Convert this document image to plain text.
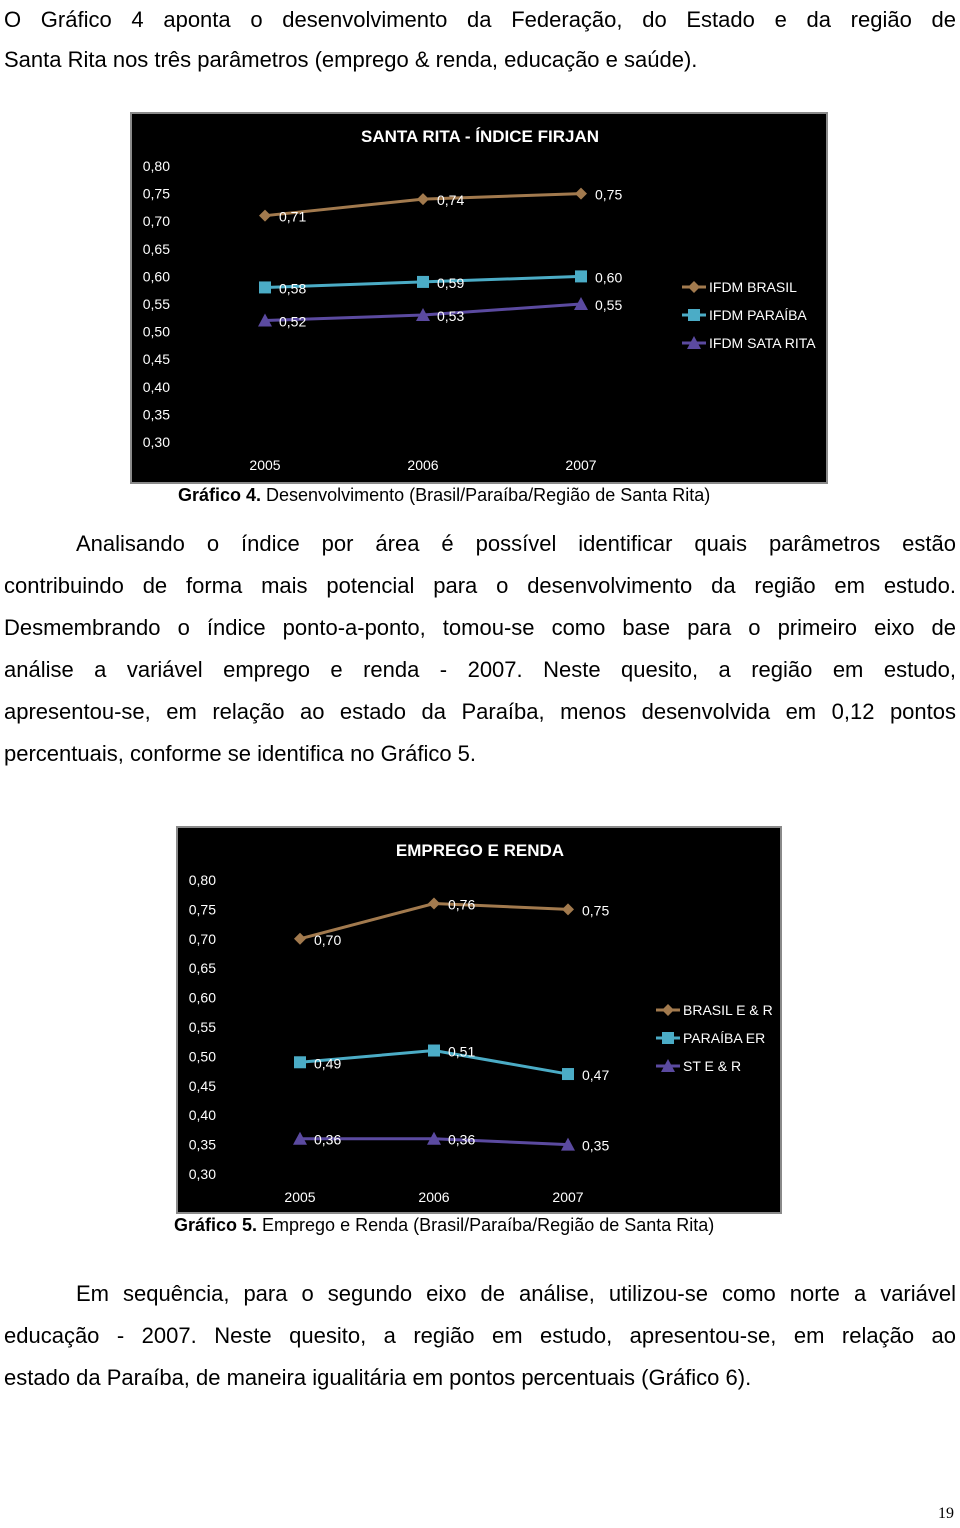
O Gráfico 4 aponta o desenvolvimento da Federação, do Estado e da região de
Santa Rita nos três parâmetros (emprego & renda, educação e saúde).
SANTA RITA - ÍNDICE FIRJAN
0,80
0,75
0,70
0,65
0,60
0,55
0,50
0,45
0,40
0,35
0,30
2005	2006	2007
0,71
0,74	0,75
IFDM BRASIL
0,58	0,59	0,60
IFDM PARAÍBA
0,52	0,53
0,55
IFDM SATA RITA
Gráfico 4. Desenvolvimento (Brasil/Paraíba/Região de Santa Rita)
Analisando o índice por área é possível identificar quais parâmetros estão
contribuindo de forma mais potencial para o desenvolvimento da região em estudo.
Desmembrando o índice ponto-a-ponto, tomou-se como base para o primeiro eixo de
análise a variável emprego e renda - 2007. Neste quesito, a região em estudo,
apresentou-se, em relação ao estado da Paraíba, menos desenvolvida em 0,12 pontos
percentuais, conforme se identifica no Gráfico 5.
EMPREGO E RENDA
0,80
0,75
0,70
0,65
0,60
0,55
0,50
0,45
0,40
0,35
0,30
2005	2006	2007
0,70
0,76	0,75
BRASIL E & R
0,49
0,51
0,47
PARAÍBA ER
0,36	0,36	0,35
ST E & R
Gráfico 5. Emprego e Renda (Brasil/Paraíba/Região de Santa Rita)
Em sequência, para o segundo eixo de análise, utilizou-se como norte a variável
educação - 2007. Neste quesito, a região em estudo, apresentou-se, em relação ao
estado da Paraíba, de maneira igualitária em pontos percentuais (Gráfico 6).
19
